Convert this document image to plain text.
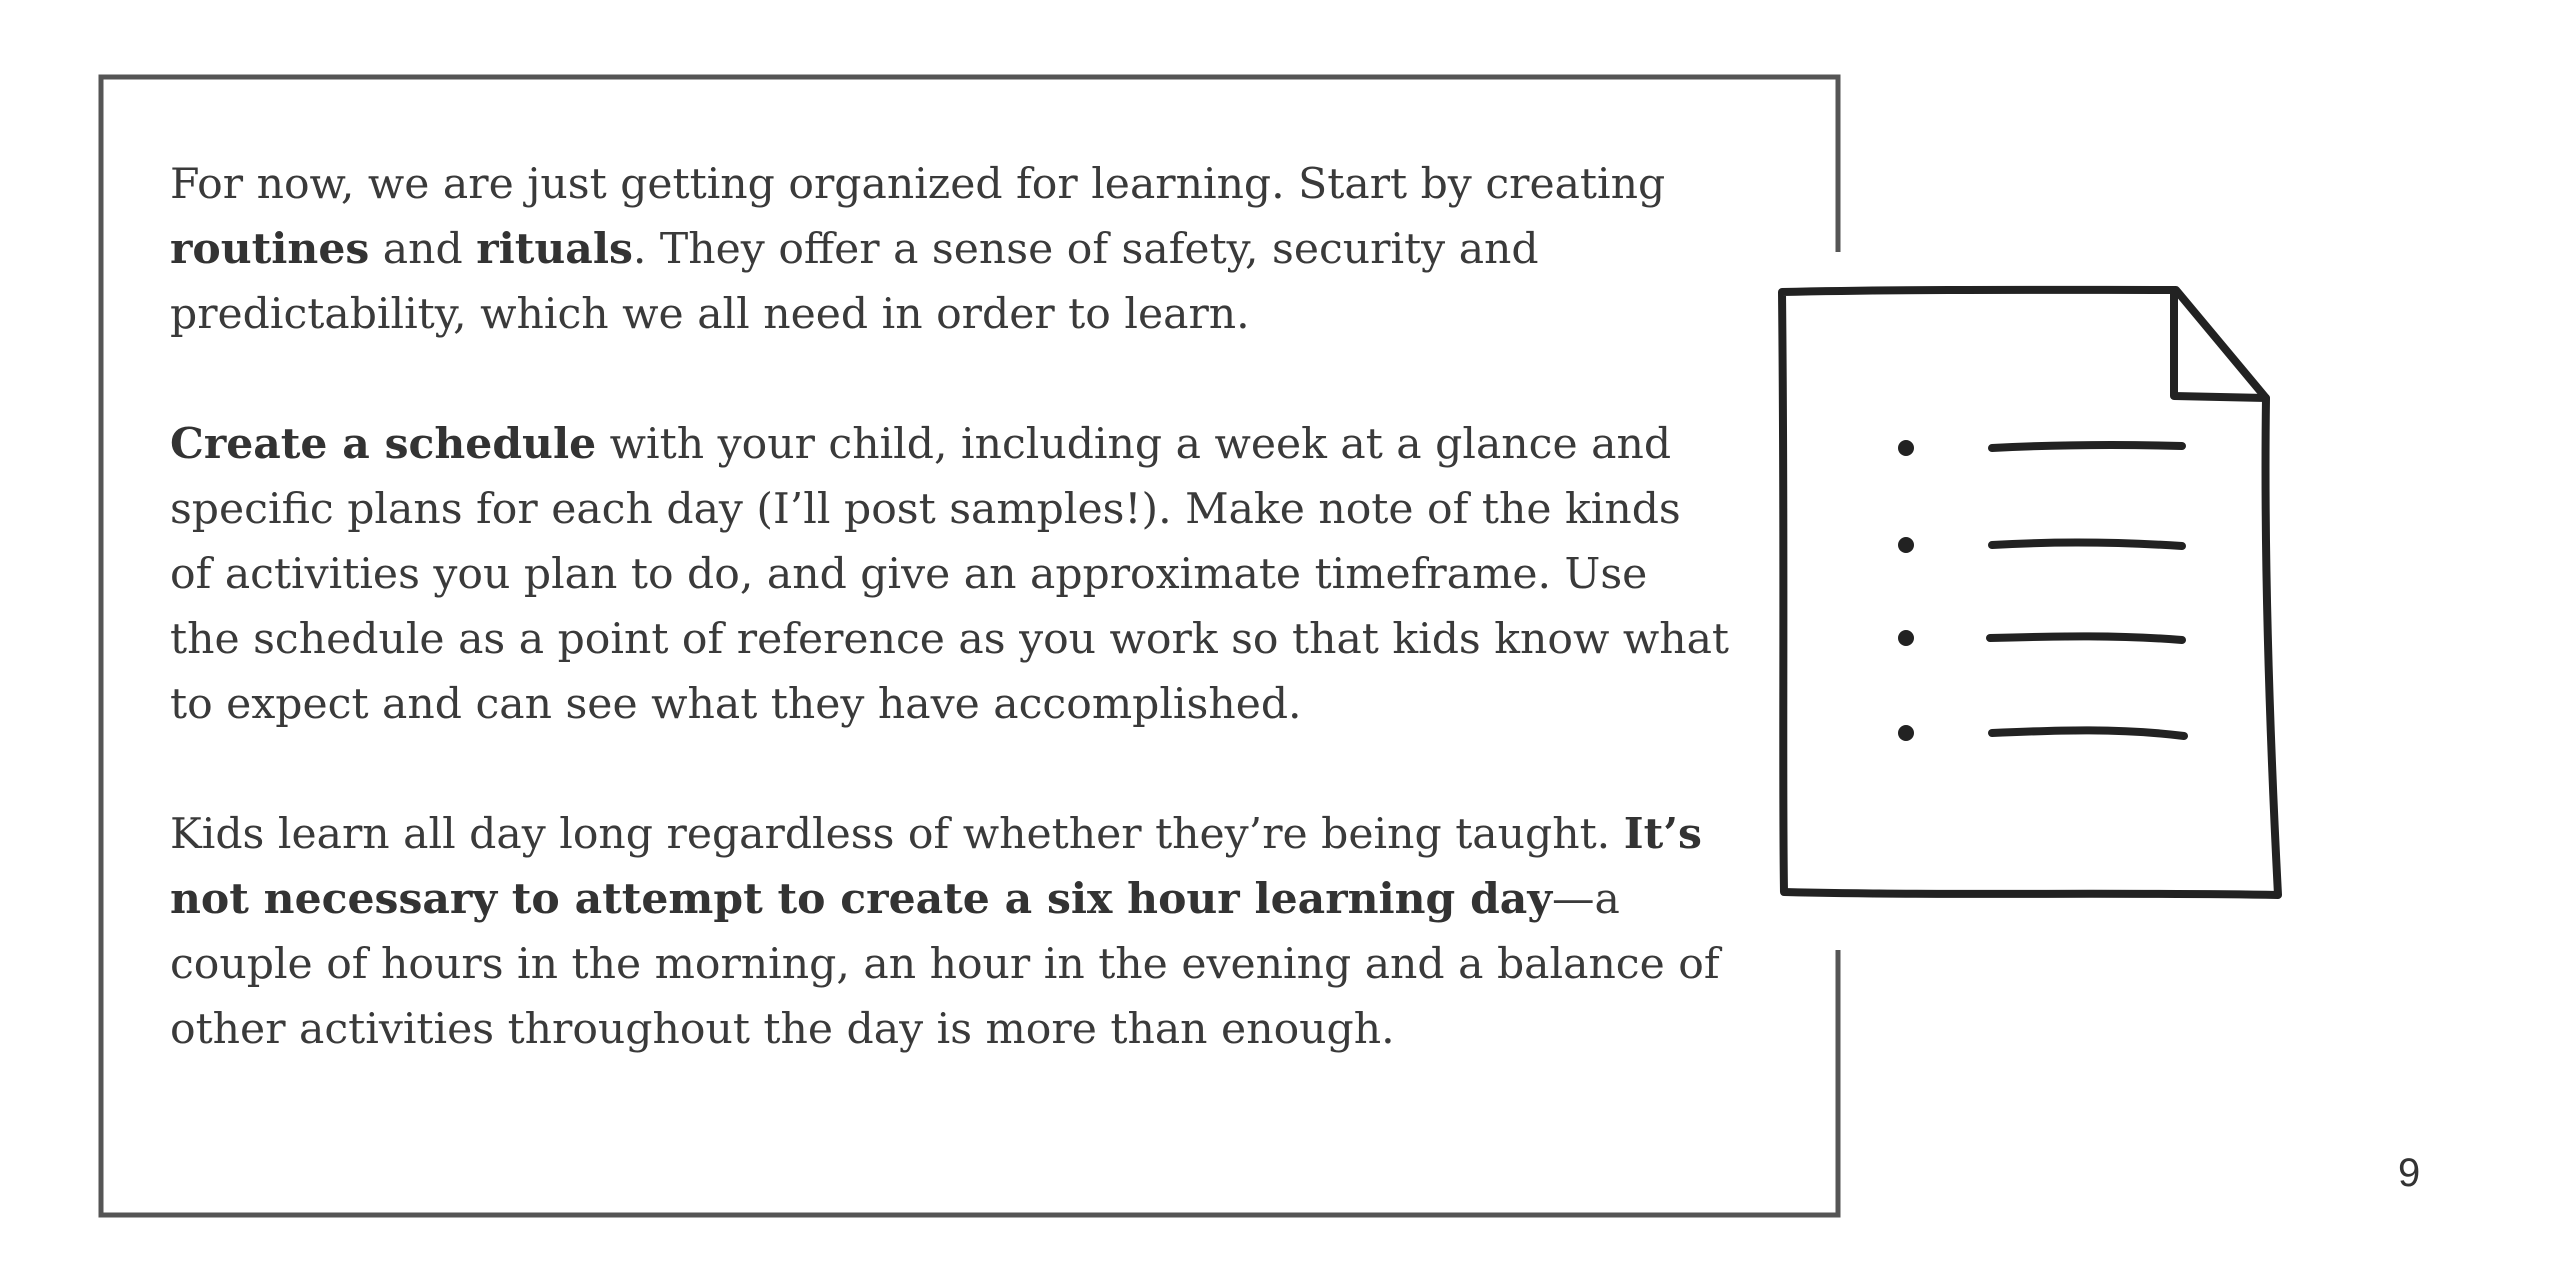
For now, we are just getting organized for learning. Start by creating routines and rituals. They offer a sense of safety, security and predictability, which we all need in order to learn.

Create a schedule with your child, including a week at a glance and specific plans for each day (I’ll post samples!). Make note of the kinds of activities you plan to do, and give an approximate timeframe. Use the schedule as a point of reference as you work so that kids know what to expect and can see what they have accomplished.

Kids learn all day long regardless of whether they’re being taught. It’s not necessary to attempt to create a six hour learning day—a couple of hours in the morning, an hour in the evening and a balance of other activities throughout the day is more than enough.

9
